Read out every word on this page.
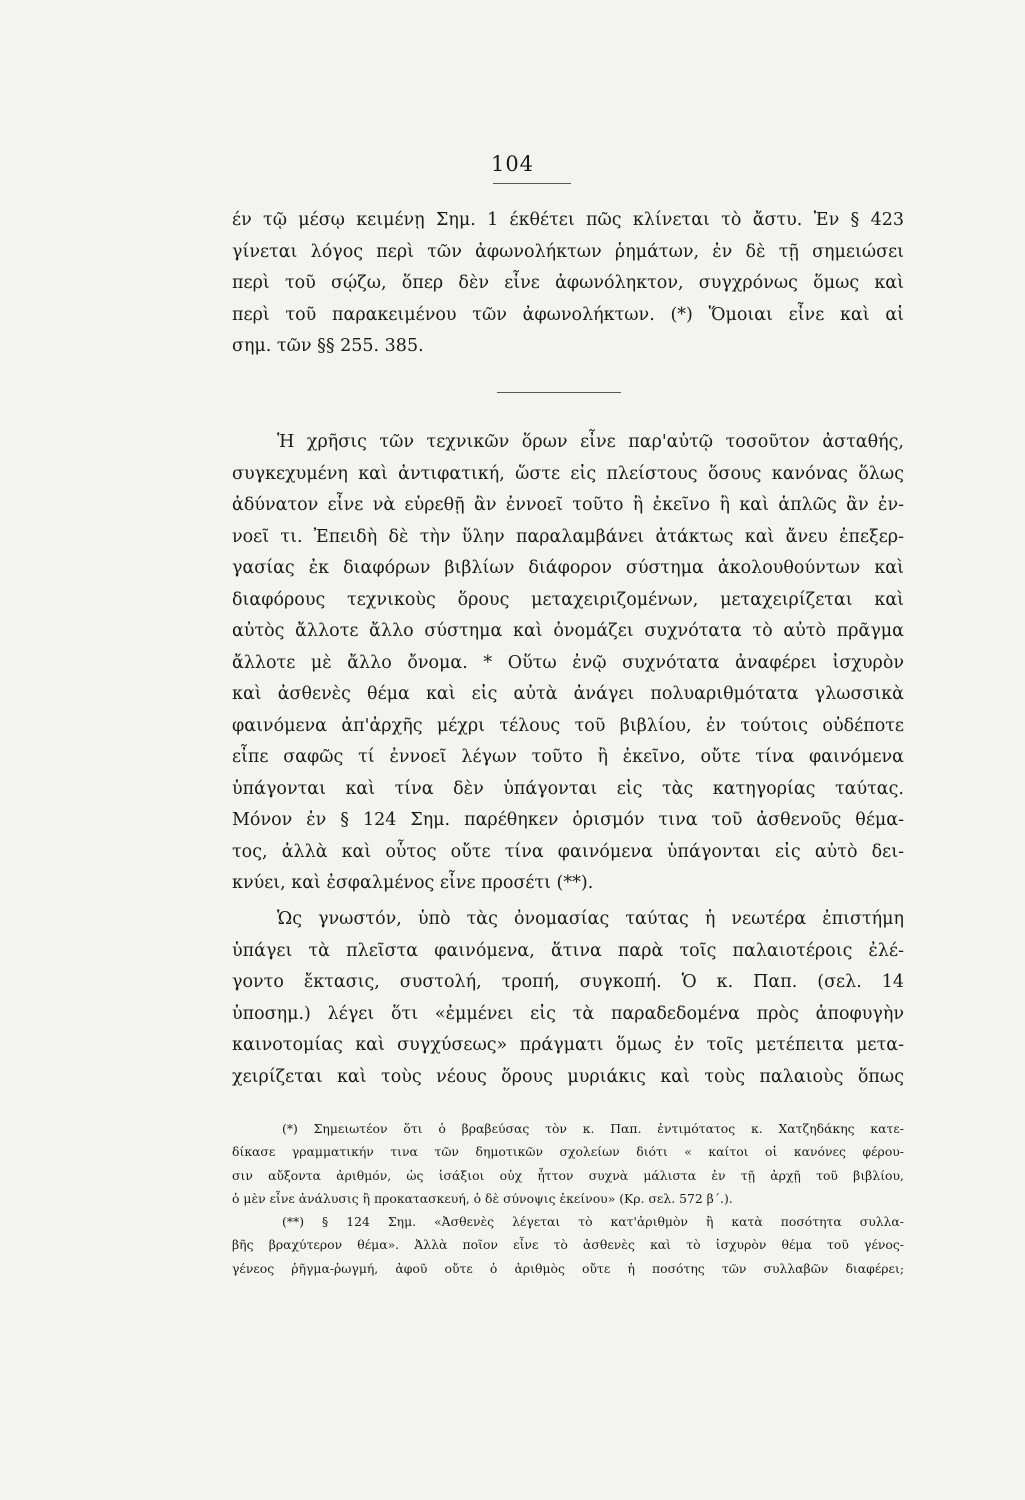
104
έν τῷ μέσῳ κειμένῃ Σημ. 1 έκθέτει πῶς κλίνεται τὸ ἄστυ. Ἐν § 423
γίνεται λόγος περὶ τῶν ἀφωνολήκτων ῥημάτων, ἐν δὲ τῇ σημειώσει
περὶ τοῦ σῴζω, ὅπερ δὲν εἶνε ἀφωνόληκτον, συγχρόνως ὅμως καὶ
περὶ τοῦ παρακειμένου τῶν ἀφωνολήκτων. (*) Ὅμοιαι εἶνε καὶ αἱ
σημ. τῶν §§ 255. 385.
Ἡ χρῆσις τῶν τεχνικῶν ὅρων εἶνε παρ'αὐτῷ τοσοῦτον ἀσταθής,
συγκεχυμένη καὶ ἀντιφατική, ὥστε εἰς πλείστους ὅσους κανόνας ὅλως
ἀδύνατον εἶνε νὰ εὑρεθῇ ἂν ἐννοεῖ τοῦτο ἢ ἐκεῖνο ἢ καὶ ἁπλῶς ἂν ἐν-
νοεῖ τι. Ἐπειδὴ δὲ τὴν ὕλην παραλαμβάνει ἀτάκτως καὶ ἄνευ ἐπεξερ-
γασίας ἐκ διαφόρων βιβλίων διάφορον σύστημα ἀκολουθούντων καὶ
διαφόρους τεχνικοὺς ὅρους μεταχειριζομένων, μεταχειρίζεται καὶ
αὐτὸς ἄλλοτε ἄλλο σύστημα καὶ ὀνομάζει συχνότατα τὸ αὐτὸ πρᾶγμα
ἄλλοτε μὲ ἄλλο ὄνομα. * Οὕτω ἐνῷ συχνότατα ἀναφέρει ἰσχυρὸν
καὶ ἀσθενὲς θέμα καὶ εἰς αὐτὰ ἀνάγει πολυαριθμότατα γλωσσικὰ
φαινόμενα ἀπ'ἀρχῆς μέχρι τέλους τοῦ βιβλίου, ἐν τούτοις οὐδέποτε
εἶπε σαφῶς τί ἐννοεῖ λέγων τοῦτο ἢ ἐκεῖνο, οὔτε τίνα φαινόμενα
ὑπάγονται καὶ τίνα δὲν ὑπάγονται εἰς τὰς κατηγορίας ταύτας.
Μόνον ἐν § 124 Σημ. παρέθηκεν ὁρισμόν τινα τοῦ ἀσθενοῦς θέμα-
τος, ἀλλὰ καὶ οὗτος οὔτε τίνα φαινόμενα ὑπάγονται εἰς αὐτὸ δει-
κνύει, καὶ ἐσφαλμένος εἶνε προσέτι (**).
Ὡς γνωστόν, ὑπὸ τὰς ὀνομασίας ταύτας ἡ νεωτέρα ἐπιστήμη
ὑπάγει τὰ πλεῖστα φαινόμενα, ἅτινα παρὰ τοῖς παλαιοτέροις ἐλέ-
γοντο ἔκτασις, συστολή, τροπή, συγκοπή. Ὁ κ. Παπ. (σελ. 14
ὑποσημ.) λέγει ὅτι «ἐμμένει εἰς τὰ παραδεδομένα πρὸς ἀποφυγὴν
καινοτομίας καὶ συγχύσεως» πράγματι ὅμως ἐν τοῖς μετέπειτα μετα-
χειρίζεται καὶ τοὺς νέους ὅρους μυριάκις καὶ τοὺς παλαιοὺς ὅπως
(*) Σημειωτέον ὅτι ὁ βραβεύσας τὸν κ. Παπ. ἐντιμότατος κ. Χατζηδάκης κατε-
δίκασε γραμματικήν τινα τῶν δημοτικῶν σχολείων διότι « καίτοι οἱ κανόνες φέρου-
σιν αὔξοντα ἀριθμόν, ὡς ἰσάξιοι οὐχ ἧττον συχνὰ μάλιστα ἐν τῇ ἀρχῇ τοῦ βιβλίου,
ὁ μὲν εἶνε ἀνάλυσις ἢ προκατασκευή, ὁ δὲ σύνοψις ἐκείνου» (Κρ. σελ. 572 β΄.).
(**) § 124 Σημ. «Ἀσθενὲς λέγεται τὸ κατ'ἀριθμὸν ἢ κατὰ ποσότητα συλλα-
βῆς βραχύτερον θέμα». Ἀλλὰ ποῖον εἶνε τὸ ἀσθενὲς καὶ τὸ ἰσχυρὸν θέμα τοῦ γένος-
γένεος ῥῆγμα-ῥωγμή, ἀφοῦ οὔτε ὁ ἀριθμὸς οὔτε ἡ ποσότης τῶν συλλαβῶν διαφέρει;
